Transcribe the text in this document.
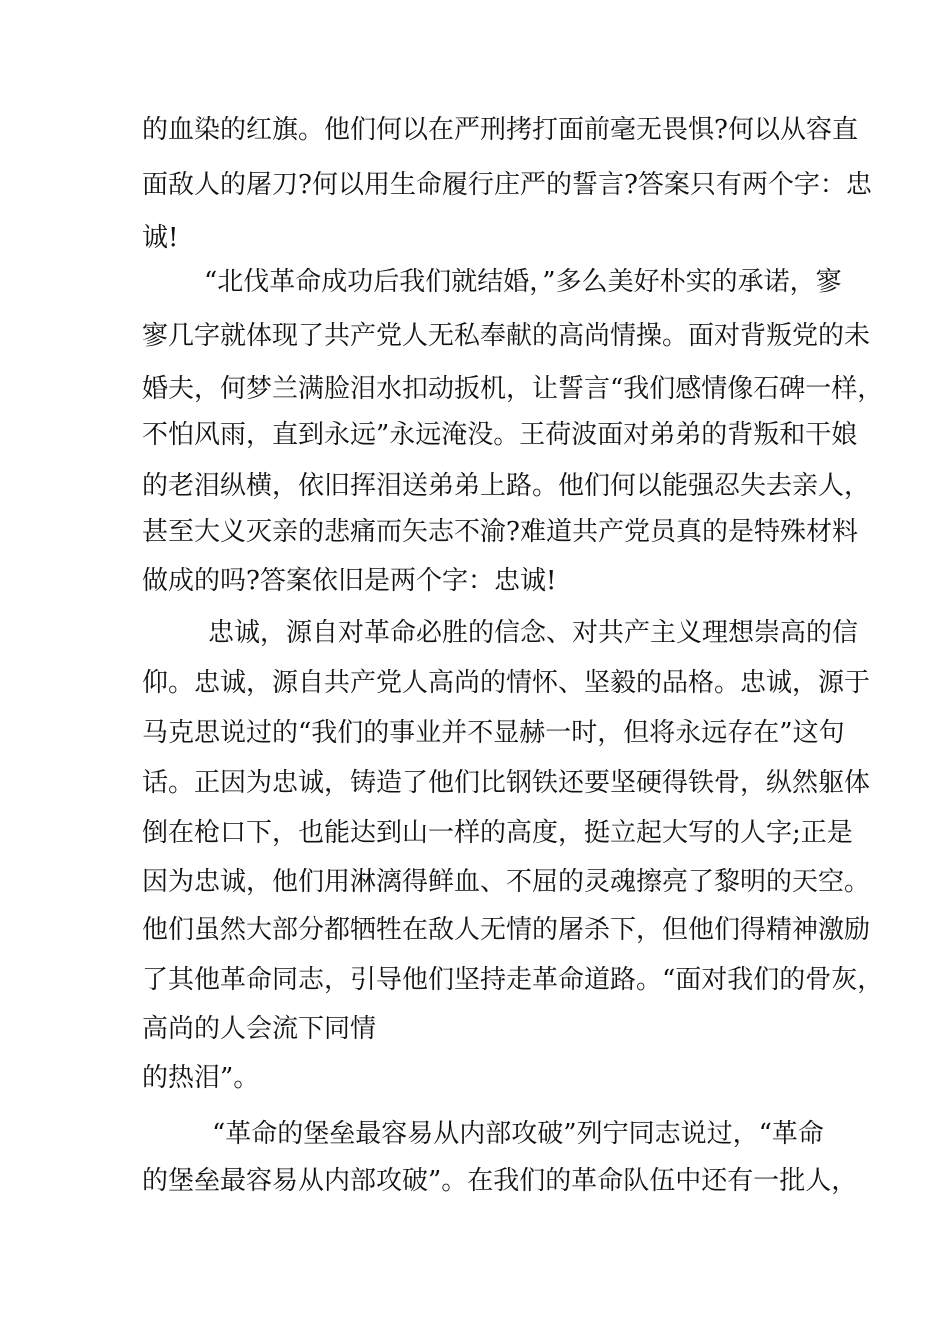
的血染的红旗。他们何以在严刑拷打面前毫无畏惧?何以从容直
面敌人的屠刀?何以用生命履行庄严的誓言?答案只有两个字：忠
诚!
“北伐革命成功后我们就结婚，”多么美好朴实的承诺，寥
寥几字就体现了共产党人无私奉献的高尚情操。面对背叛党的未
婚夫，何梦兰满脸泪水扣动扳机，让誓言“我们感情像石碑一样，
不怕风雨，直到永远”永远淹没。王荷波面对弟弟的背叛和干娘
的老泪纵横，依旧挥泪送弟弟上路。他们何以能强忍失去亲人，
甚至大义灭亲的悲痛而矢志不渝?难道共产党员真的是特殊材料
做成的吗?答案依旧是两个字：忠诚!
忠诚，源自对革命必胜的信念、对共产主义理想崇高的信
仰。忠诚，源自共产党人高尚的情怀、坚毅的品格。忠诚，源于
马克思说过的“我们的事业并不显赫一时，但将永远存在”这句
话。正因为忠诚，铸造了他们比钢铁还要坚硬得铁骨，纵然躯体
倒在枪口下，也能达到山一样的高度，挺立起大写的人字;正是
因为忠诚，他们用淋漓得鲜血、不屈的灵魂擦亮了黎明的天空。
他们虽然大部分都牺牲在敌人无情的屠杀下，但他们得精神激励
了其他革命同志，引导他们坚持走革命道路。“面对我们的骨灰，
高尚的人会流下同情
的热泪”。
“革命的堡垒最容易从内部攻破”列宁同志说过，“革命
的堡垒最容易从内部攻破”。在我们的革命队伍中还有一批人，
